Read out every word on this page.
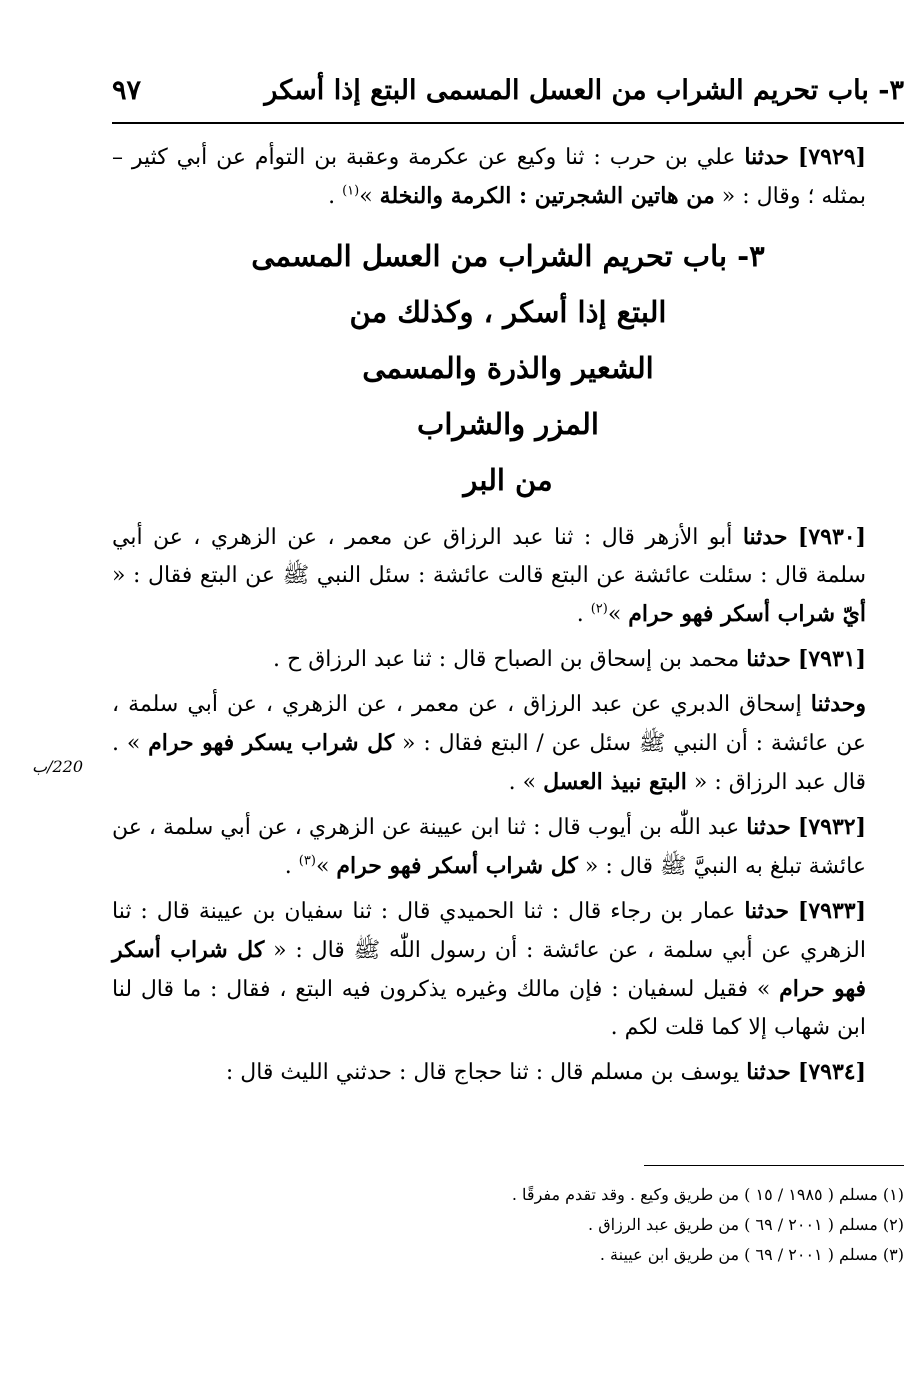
٣- باب تحريم الشراب من العسل المسمى البتع إذا أسكر
٩٧

[٧٩٢٩] حدثنا علي بن حرب : ثنا وكيع عن عكرمة وعقبة بن التوأم عن أبي كثير – بمثله ؛ وقال : « من هاتين الشجرتين : الكرمة والنخلة »$^{(١)}$ .

٣- باب تحريم الشراب من العسل المسمى
البتع إذا أسكر ، وكذلك من
الشعير والذرة والمسمى
المزر والشراب
من البر

[٧٩٣٠] حدثنا أبو الأزهر قال : ثنا عبد الرزاق عن معمر ، عن الزهري ، عن أبي سلمة قال : سئلت عائشة عن البتع قالت عائشة : سئل النبي ﷺ عن البتع فقال : « أيّ شراب أسكر فهو حرام »$^{(٢)}$ .

[٧٩٣١] حدثنا محمد بن إسحاق بن الصباح قال : ثنا عبد الرزاق ح .

وحدثنا إسحاق الدبري عن عبد الرزاق ، عن معمر ، عن الزهري ، عن أبي سلمة ، عن عائشة : أن النبي ﷺ سئل عن / البتع فقال : « كل شراب يسكر فهو حرام » . قال عبد الرزاق : « البتع نبيذ العسل » .

[٧٩٣٢] حدثنا عبد اللّٰه بن أيوب قال : ثنا ابن عيينة عن الزهري ، عن أبي سلمة ، عن عائشة تبلغ به النبيَّ ﷺ قال : « كل شراب أسكر فهو حرام »$^{(٣)}$ .

[٧٩٣٣] حدثنا عمار بن رجاء قال : ثنا الحميدي قال : ثنا سفيان بن عيينة قال : ثنا الزهري عن أبي سلمة ، عن عائشة : أن رسول اللّٰه ﷺ قال : « كل شراب أسكر فهو حرام » فقيل لسفيان : فإن مالك وغيره يذكرون فيه البتع ، فقال : ما قال لنا ابن شهاب إلا كما قلت لكم .

[٧٩٣٤] حدثنا يوسف بن مسلم قال : ثنا حجاج قال : حدثني الليث قال :

220/ب
(١) مسلم ( ١٩٨٥ / ١٥ ) من طريق وكيع . وقد تقدم مفرقًا .
(٢) مسلم ( ٢٠٠١ / ٦٩ ) من طريق عبد الرزاق .
(٣) مسلم ( ٢٠٠١ / ٦٩ ) من طريق ابن عيينة .
